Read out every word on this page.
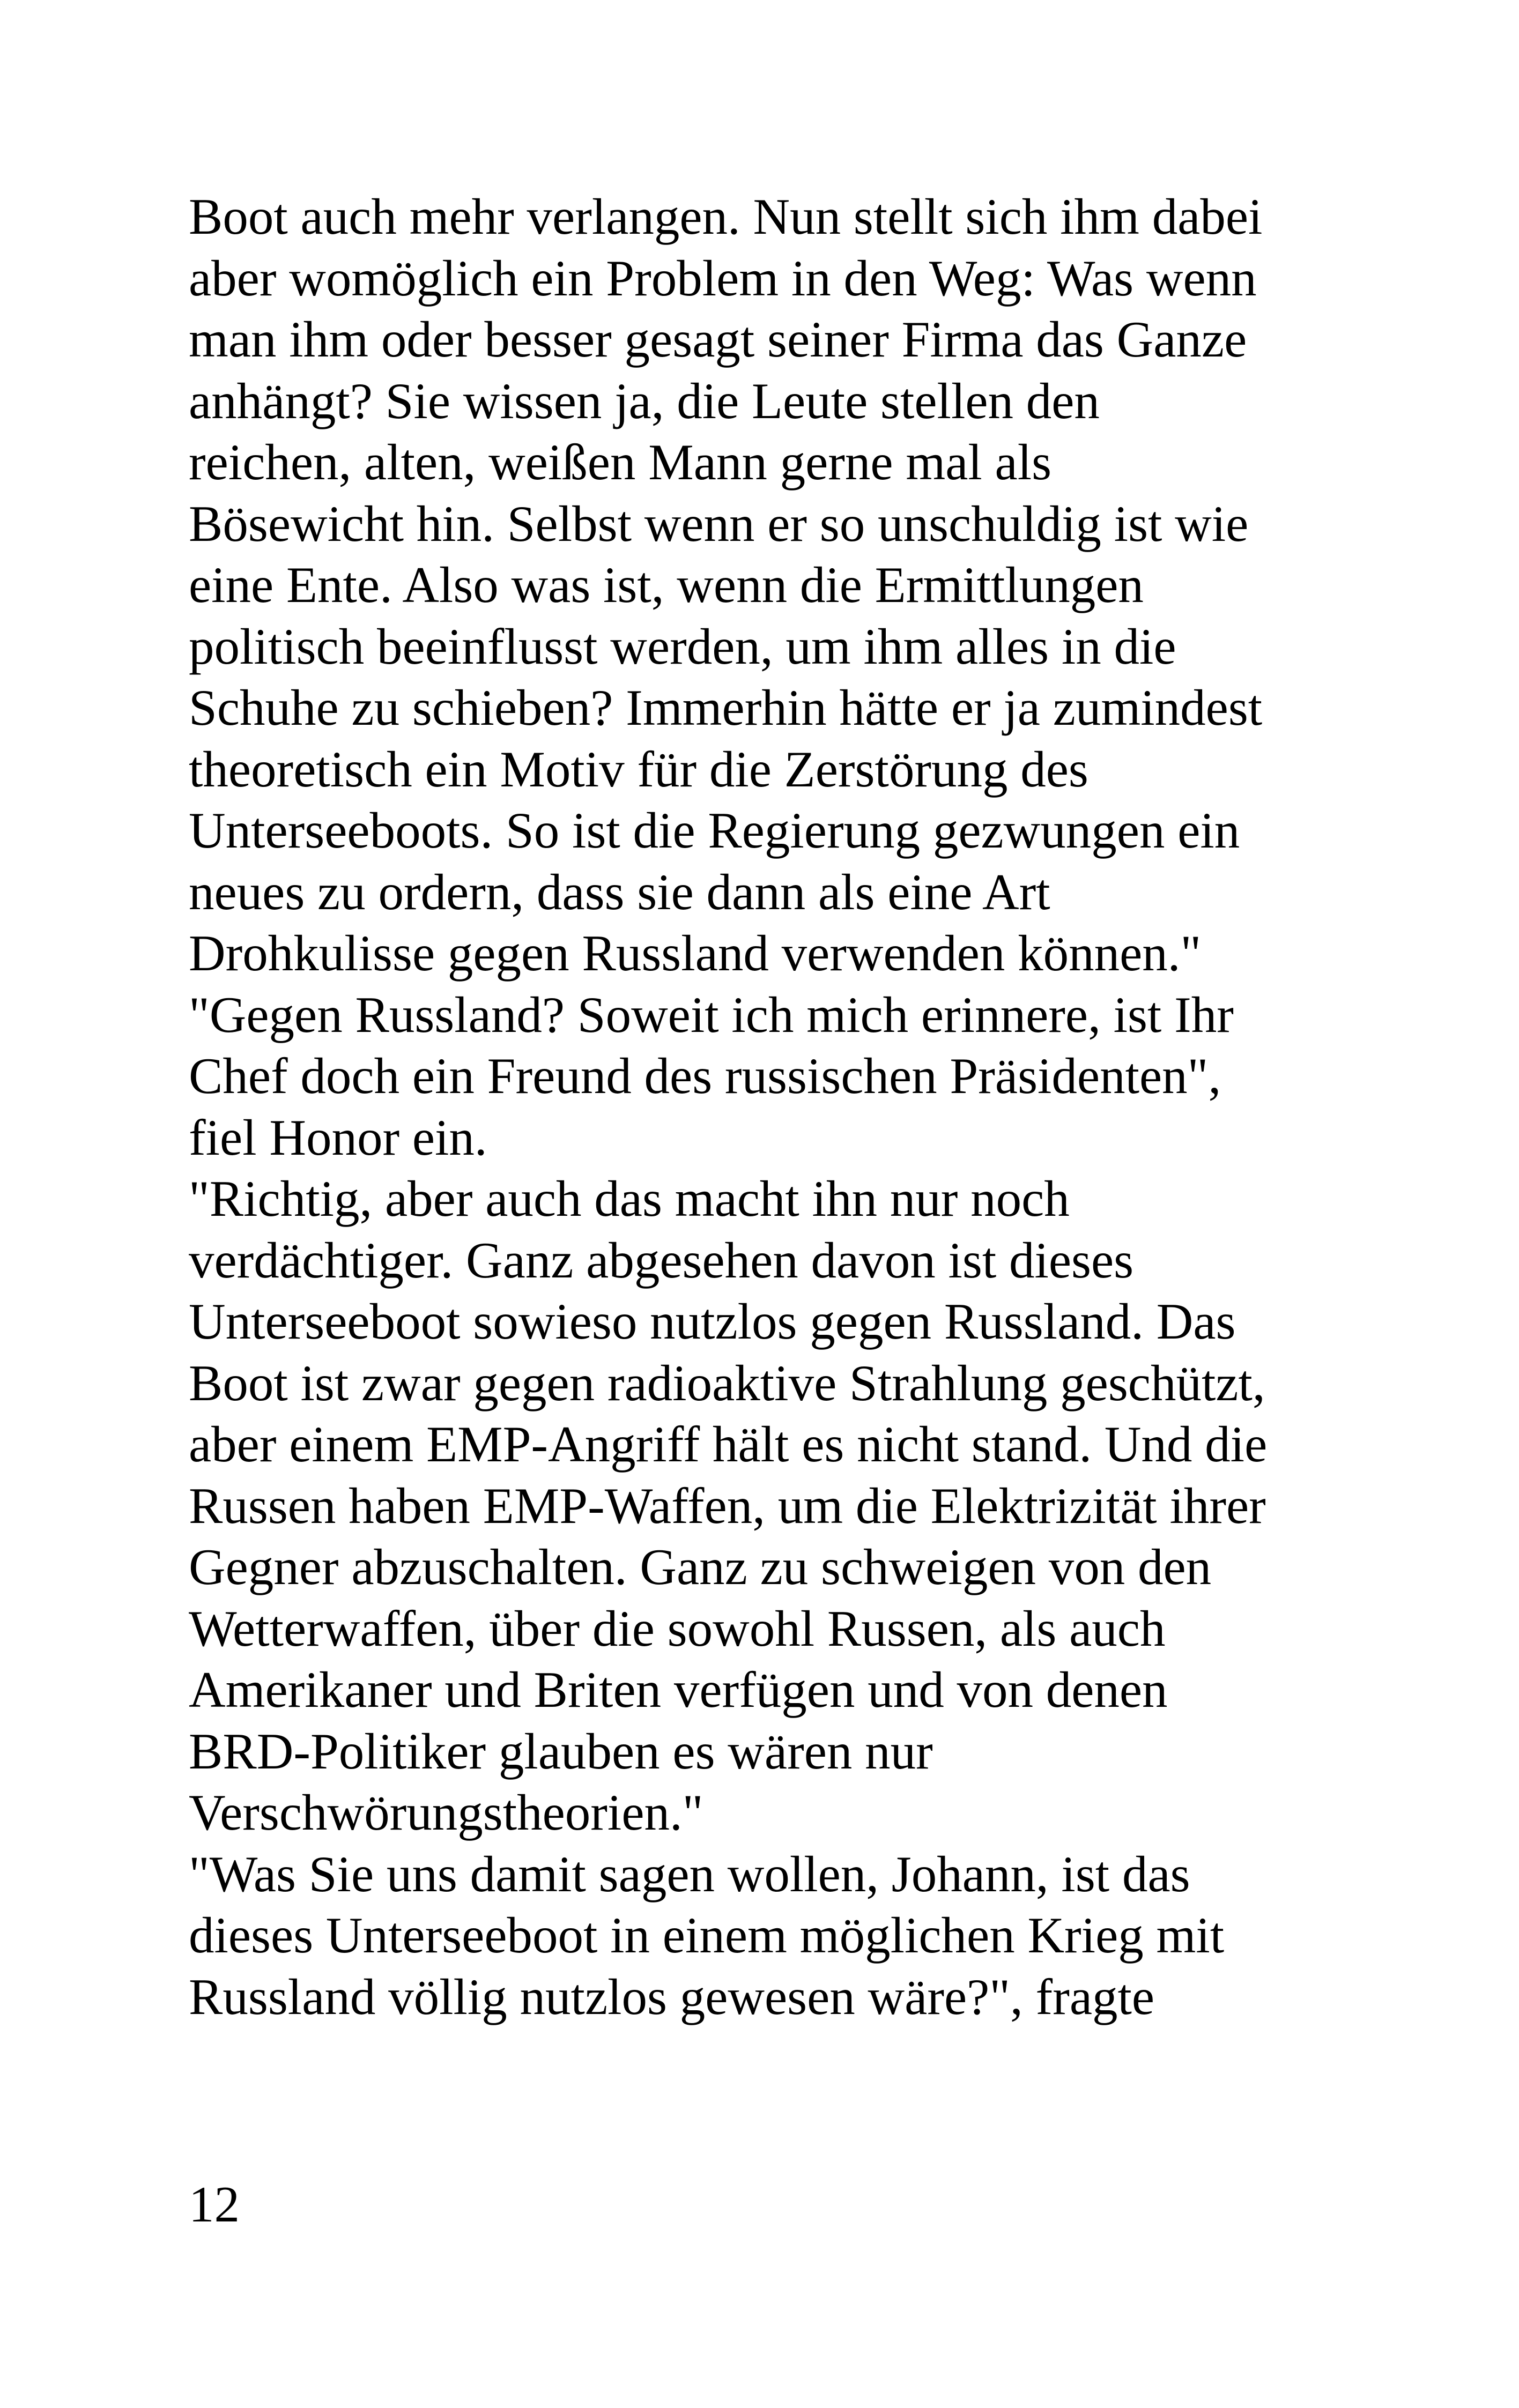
Boot auch mehr verlangen. Nun stellt sich ihm dabei
aber womöglich ein Problem in den Weg: Was wenn
man ihm oder besser gesagt seiner Firma das Ganze
anhängt? Sie wissen ja, die Leute stellen den
reichen, alten, weißen Mann gerne mal als
Bösewicht hin. Selbst wenn er so unschuldig ist wie
eine Ente. Also was ist, wenn die Ermittlungen
politisch beeinflusst werden, um ihm alles in die
Schuhe zu schieben? Immerhin hätte er ja zumindest
theoretisch ein Motiv für die Zerstörung des
Unterseeboots. So ist die Regierung gezwungen ein
neues zu ordern, dass sie dann als eine Art
Drohkulisse gegen Russland verwenden können."
"Gegen Russland? Soweit ich mich erinnere, ist Ihr
Chef doch ein Freund des russischen Präsidenten",
fiel Honor ein.
"Richtig, aber auch das macht ihn nur noch
verdächtiger. Ganz abgesehen davon ist dieses
Unterseeboot sowieso nutzlos gegen Russland. Das
Boot ist zwar gegen radioaktive Strahlung geschützt,
aber einem EMP-Angriff hält es nicht stand. Und die
Russen haben EMP-Waffen, um die Elektrizität ihrer
Gegner abzuschalten. Ganz zu schweigen von den
Wetterwaffen, über die sowohl Russen, als auch
Amerikaner und Briten verfügen und von denen
BRD-Politiker glauben es wären nur
Verschwörungstheorien."
"Was Sie uns damit sagen wollen, Johann, ist das
dieses Unterseeboot in einem möglichen Krieg mit
Russland völlig nutzlos gewesen wäre?", fragte
12
